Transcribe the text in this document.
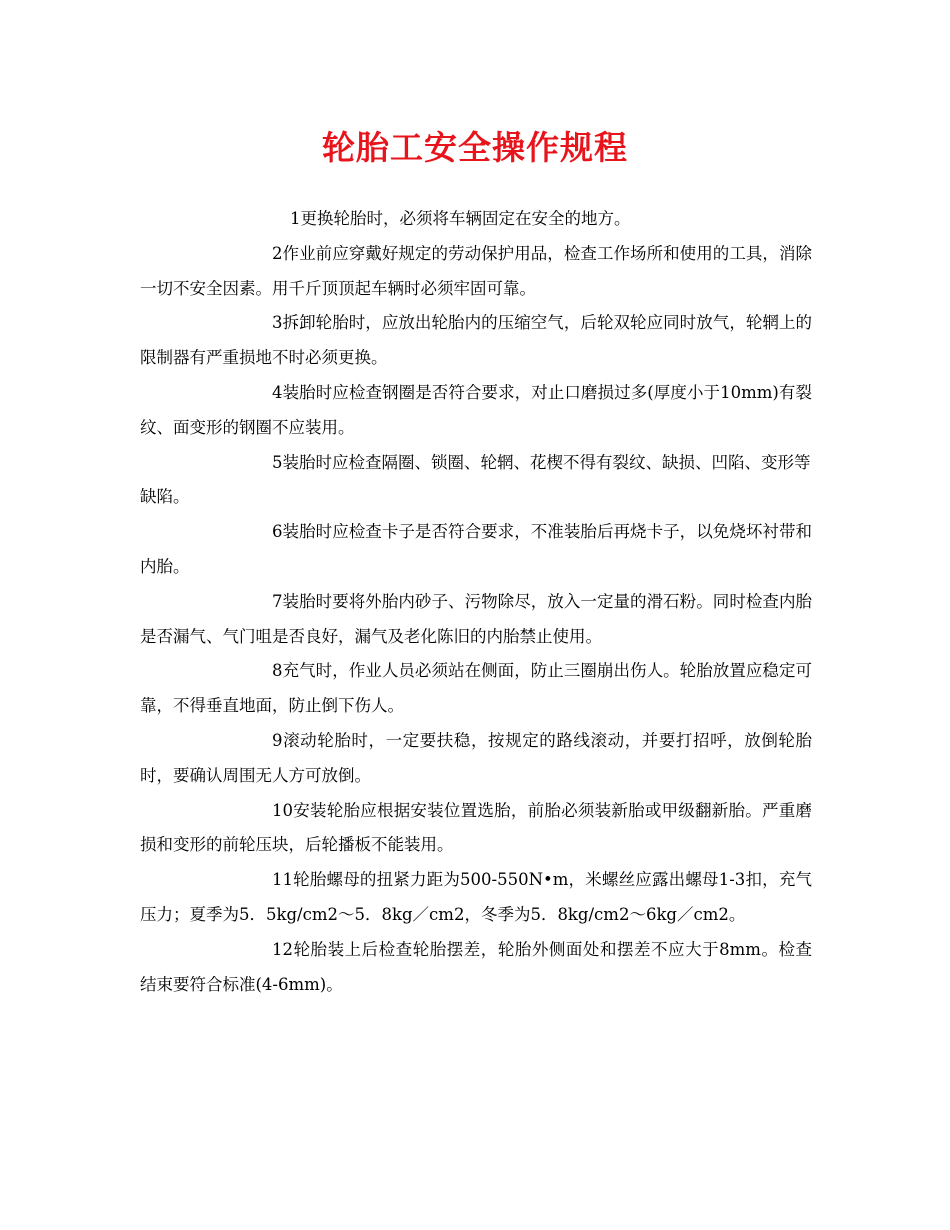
轮胎工安全操作规程

1更换轮胎时，必须将车辆固定在安全的地方。

2作业前应穿戴好规定的劳动保护用品，检查工作场所和使用的工具，消除一切不安全因素。用千斤顶顶起车辆时必须牢固可靠。

3拆卸轮胎时，应放出轮胎内的压缩空气，后轮双轮应同时放气，轮辋上的限制器有严重损地不时必须更换。

4装胎时应检查钢圈是否符合要求，对止口磨损过多(厚度小于10mm)有裂纹、面变形的钢圈不应装用。

5装胎时应检查隔圈、锁圈、轮辋、花楔不得有裂纹、缺损、凹陷、变形等
缺陷。

6装胎时应检查卡子是否符合要求，不准装胎后再烧卡子，以免烧坏衬带和内胎。

7装胎时要将外胎内砂子、污物除尽，放入一定量的滑石粉。同时检查内胎是否漏气、气门咀是否良好，漏气及老化陈旧的内胎禁止使用。

8充气时，作业人员必须站在侧面，防止三圈崩出伤人。轮胎放置应稳定可靠，不得垂直地面，防止倒下伤人。

9滚动轮胎时，一定要扶稳，按规定的路线滚动，并要打招呼，放倒轮胎时，要确认周围无人方可放倒。

10安装轮胎应根据安装位置选胎，前胎必须装新胎或甲级翻新胎。严重磨损和变形的前轮压块，后轮播板不能装用。

11轮胎螺母的扭紧力距为500-550N•m，米螺丝应露出螺母1-3扣，充气压力；夏季为5．5kg/cm2～5．8kg／cm2，冬季为5．8kg/cm2～6kg／cm2。

12轮胎装上后检查轮胎摆差，轮胎外侧面处和摆差不应大于8mm。检查结束要符合标准(4-6mm)。
